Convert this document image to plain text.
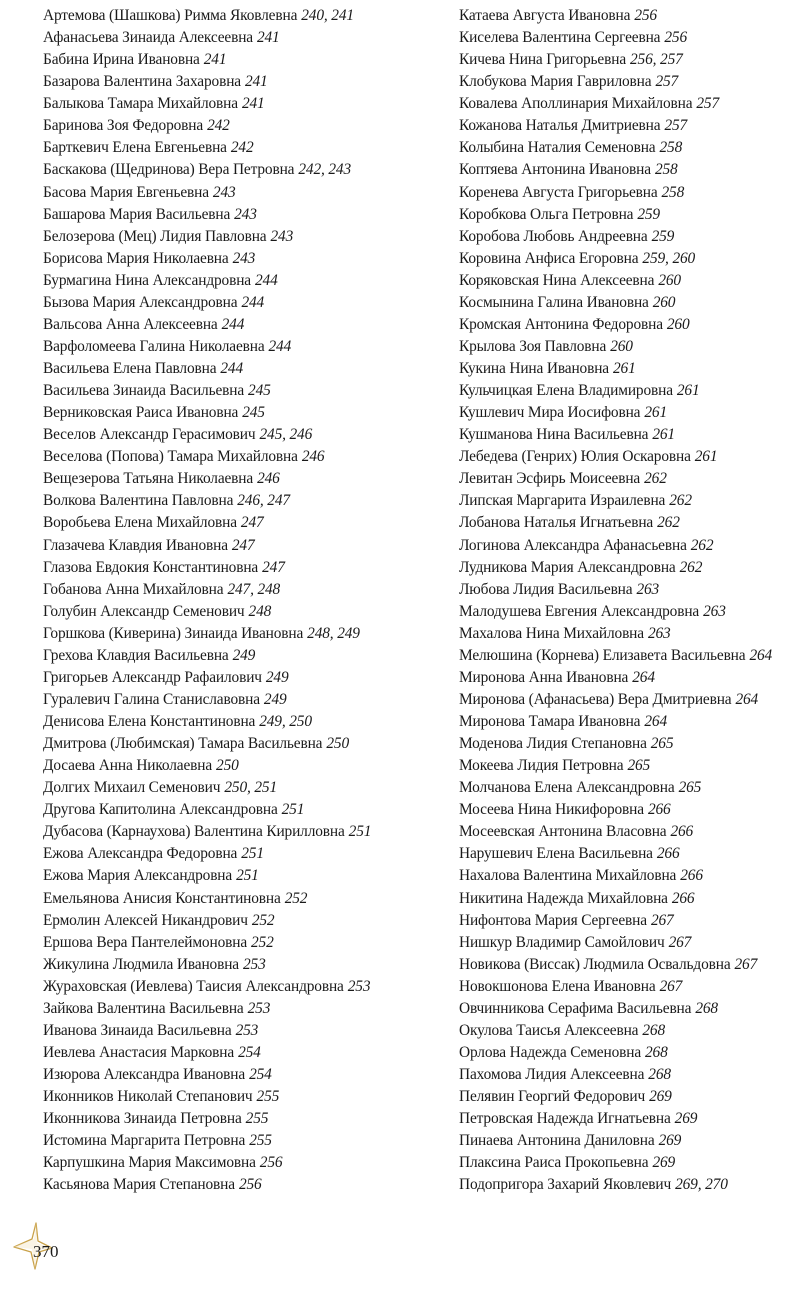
Артемова (Шашкова) Римма Яковлевна 240, 241
Афанасьева Зинаида Алексеевна 241
Бабина Ирина Ивановна 241
Базарова Валентина Захаровна 241
Балыкова Тамара Михайловна 241
Баринова Зоя Федоровна 242
Барткевич Елена Евгеньевна 242
Баскакова (Щедринова) Вера Петровна 242, 243
Басова Мария Евгеньевна 243
Башарова Мария Васильевна 243
Белозерова (Мец) Лидия Павловна 243
Борисова Мария Николаевна 243
Бурмагина Нина Александровна 244
Бызова Мария Александровна 244
Вальсова Анна Алексеевна 244
Варфоломеева Галина Николаевна 244
Васильева Елена Павловна 244
Васильева Зинаида Васильевна 245
Верниковская Раиса Ивановна 245
Веселов Александр Герасимович 245, 246
Веселова (Попова) Тамара Михайловна 246
Вещезерова Татьяна Николаевна 246
Волкова Валентина Павловна 246, 247
Воробьева Елена Михайловна 247
Глазачева Клавдия Ивановна 247
Глазова Евдокия Константиновна 247
Гобанова Анна Михайловна 247, 248
Голубин Александр Семенович 248
Горшкова (Киверина) Зинаида Ивановна 248, 249
Грехова Клавдия Васильевна 249
Григорьев Александр Рафаилович 249
Гуралевич Галина Станиславовна 249
Денисова Елена Константиновна 249, 250
Дмитрова (Любимская) Тамара Васильевна 250
Досаева Анна Николаевна 250
Долгих Михаил Семенович 250, 251
Другова Капитолина Александровна 251
Дубасова (Карнаухова) Валентина Кирилловна 251
Ежова Александра Федоровна 251
Ежова Мария Александровна 251
Емельянова Анисия Константиновна 252
Ермолин Алексей Никандрович 252
Ершова Вера Пантелеймоновна 252
Жикулина Людмила Ивановна 253
Жураховская (Иевлева) Таисия Александровна 253
Зайкова Валентина Васильевна 253
Иванова Зинаида Васильевна 253
Иевлева Анастасия Марковна 254
Изюрова Александра Ивановна 254
Иконников Николай Степанович 255
Иконникова Зинаида Петровна 255
Истомина Маргарита Петровна 255
Карпушкина Мария Максимовна 256
Касьянова Мария Степановна 256
Катаева Августа Ивановна 256
Киселева Валентина Сергеевна 256
Кичева Нина Григорьевна 256, 257
Клобукова Мария Гавриловна 257
Ковалева Аполлинария Михайловна 257
Кожанова Наталья Дмитриевна 257
Колыбина Наталия Семеновна 258
Коптяева Антонина Ивановна 258
Коренева Августа Григорьевна 258
Коробкова Ольга Петровна 259
Коробова Любовь Андреевна 259
Коровина Анфиса Егоровна 259, 260
Коряковская Нина Алексеевна 260
Космынина Галина Ивановна 260
Кромская Антонина Федоровна 260
Крылова Зоя Павловна 260
Кукина Нина Ивановна 261
Кульчицкая Елена Владимировна 261
Кушлевич Мира Иосифовна 261
Кушманова Нина Васильевна 261
Лебедева (Генрих) Юлия Оскаровна 261
Левитан Эсфирь Моисеевна 262
Липская Маргарита Израилевна 262
Лобанова Наталья Игнатьевна 262
Логинова Александра Афанасьевна 262
Лудникова Мария Александровна 262
Любова Лидия Васильевна 263
Малодушева Евгения Александровна 263
Махалова Нина Михайловна 263
Мелюшина (Корнева) Елизавета Васильевна 264
Миронова Анна Ивановна 264
Миронова (Афанасьева) Вера Дмитриевна 264
Миронова Тамара Ивановна 264
Моденова Лидия Степановна 265
Мокеева Лидия Петровна 265
Молчанова Елена Александровна 265
Мосеева Нина Никифоровна 266
Мосеевская Антонина Власовна 266
Нарушевич Елена Васильевна 266
Нахалова Валентина Михайловна 266
Никитина Надежда Михайловна 266
Нифонтова Мария Сергеевна 267
Нишкур Владимир Самойлович 267
Новикова (Виссак) Людмила Освальдовна 267
Новокшонова Елена Ивановна 267
Овчинникова Серафима Васильевна 268
Окулова Таисья Алексеевна 268
Орлова Надежда Семеновна 268
Пахомова Лидия Алексеевна 268
Пелявин Георгий Федорович 269
Петровская Надежда Игнатьевна 269
Пинаева Антонина Даниловна 269
Плаксина Раиса Прокопьевна 269
Подопригора Захарий Яковлевич 269, 270
370
